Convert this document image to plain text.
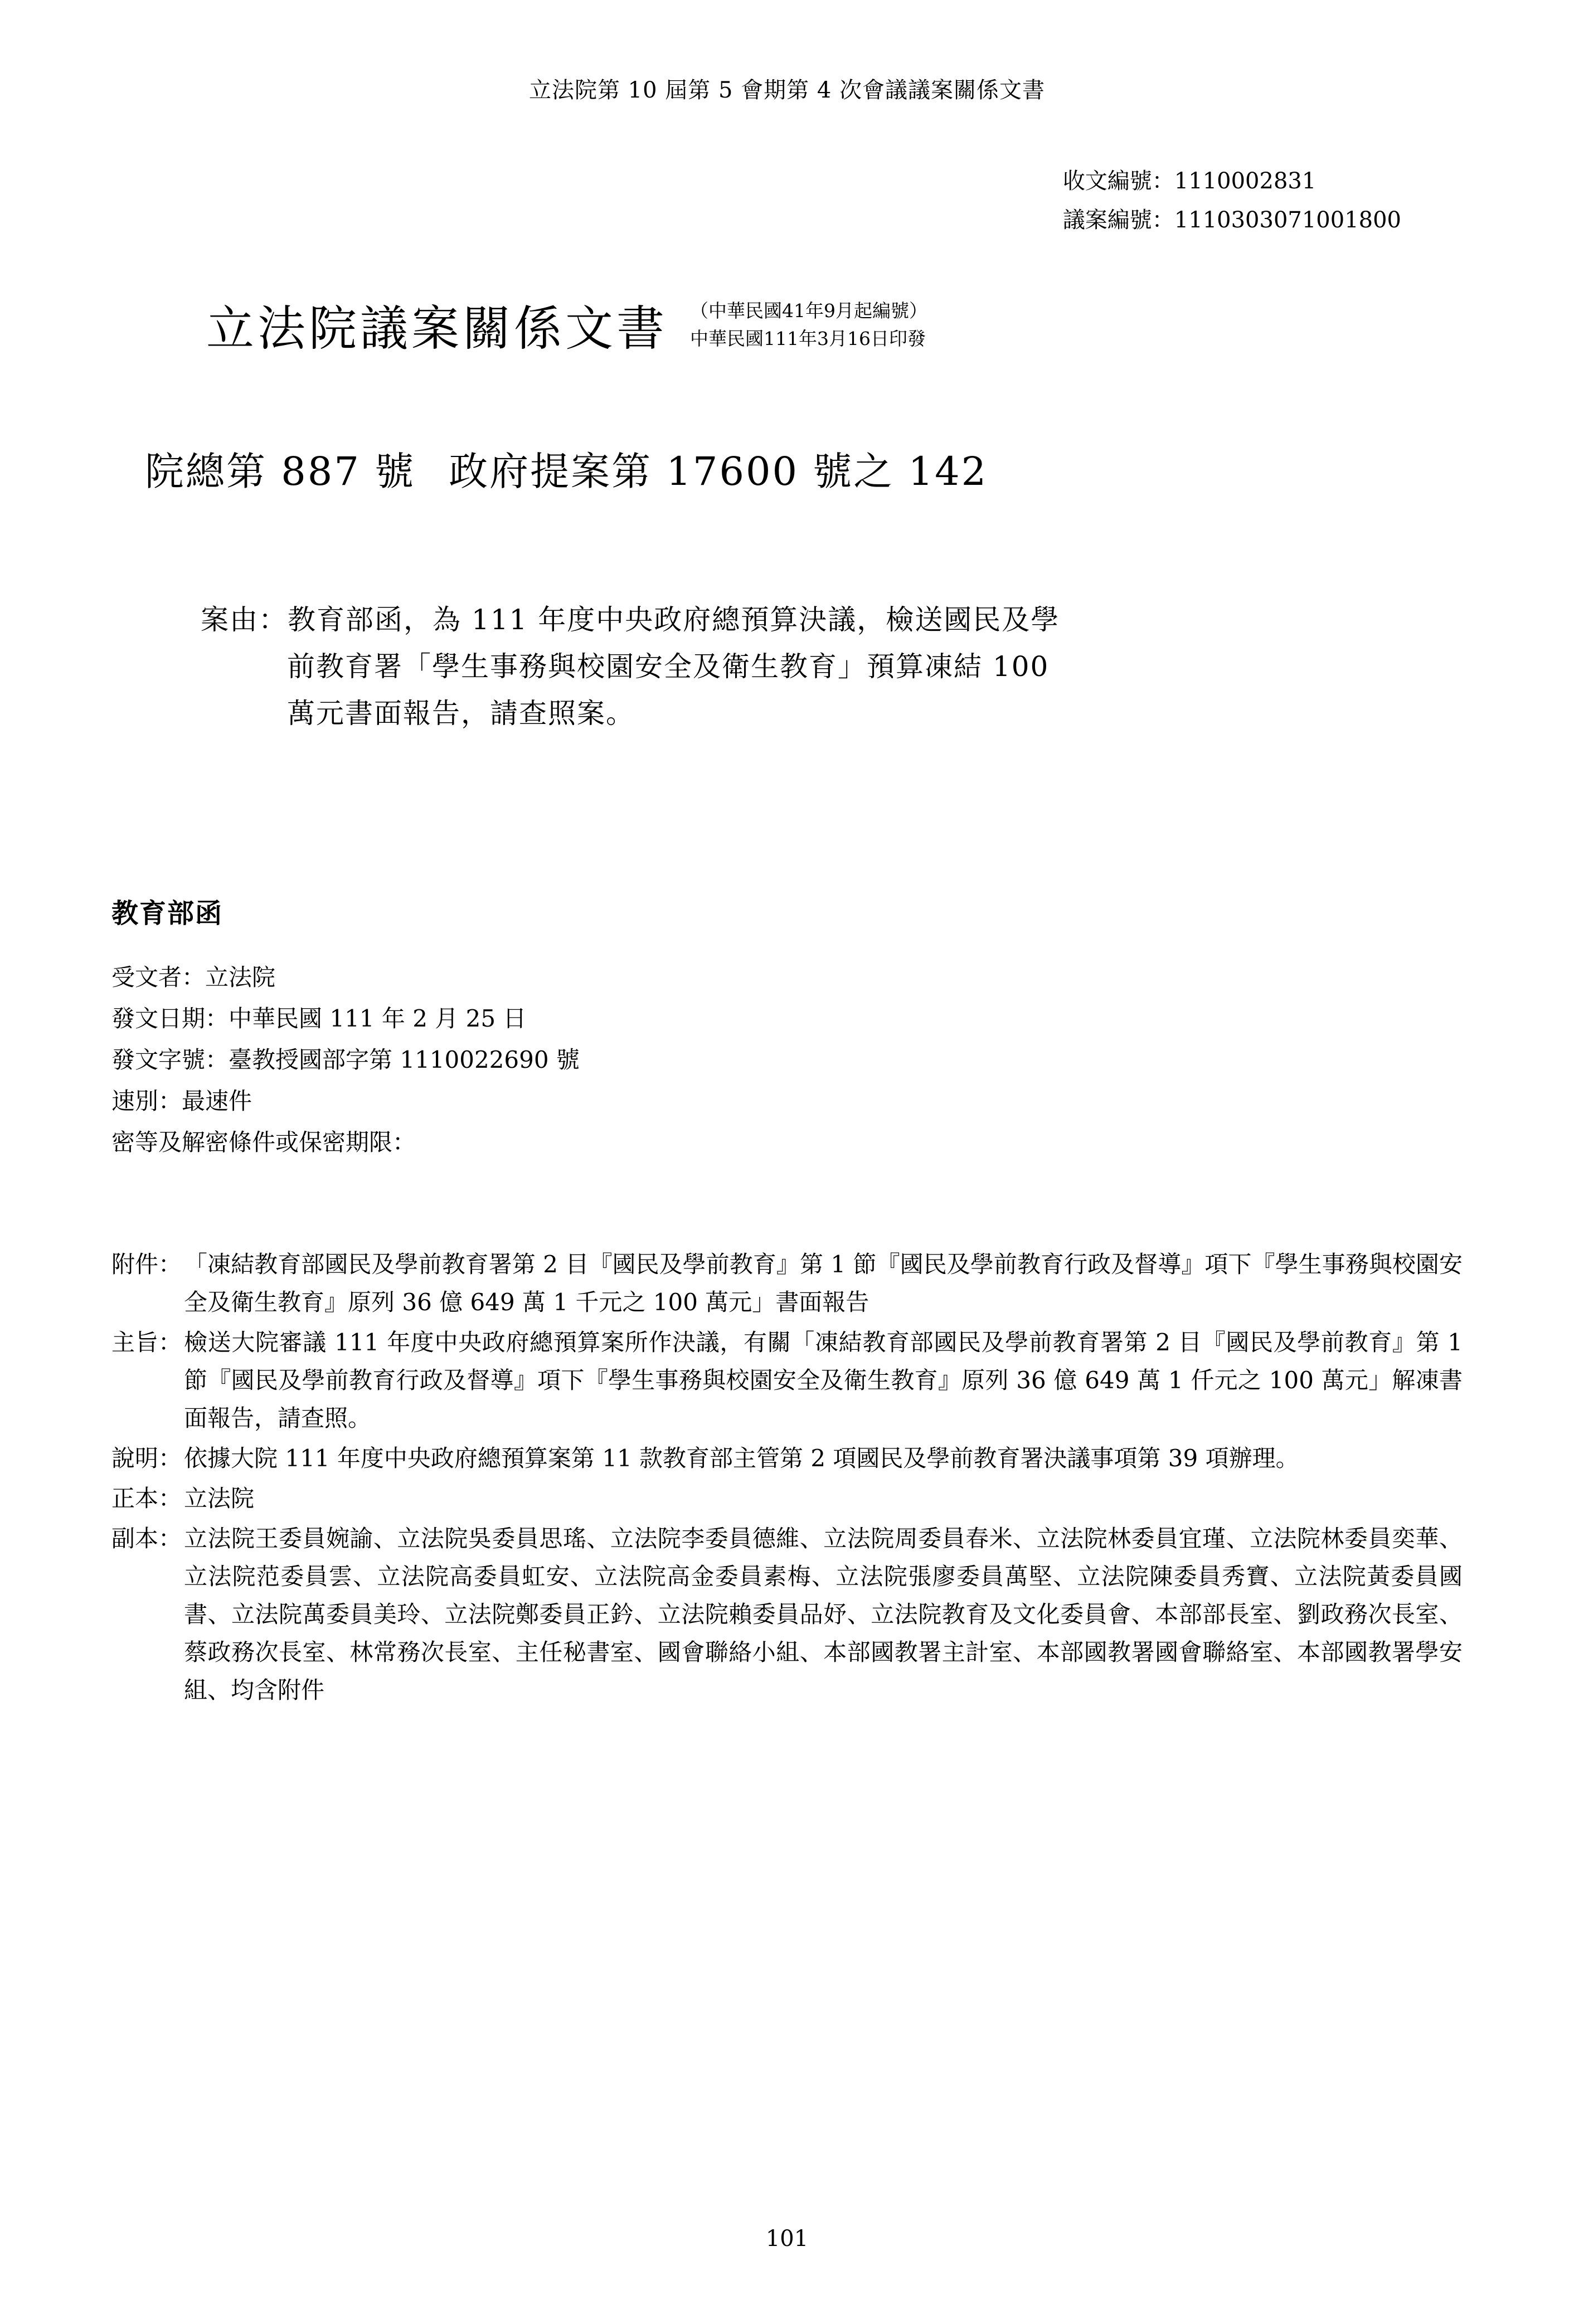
立法院第 10 屆第 5 會期第 4 次會議議案關係文書
收文編號：1110002831
議案編號：1110303071001800
立法院議案關係文書 （中華民國41年9月起編號）
中華民國111年3月16日印發
院總第 887 號 政府提案第 17600 號之 142
案由：教育部函，為 111 年度中央政府總預算決議，檢送國民及學
前教育署「學生事務與校園安全及衛生教育」預算凍結 100
萬元書面報告，請查照案。
教育部函
受文者：立法院
發文日期：中華民國 111 年 2 月 25 日
發文字號：臺教授國部字第 1110022690 號
速別：最速件
密等及解密條件或保密期限：
附件： 「凍結教育部國民及學前教育署第 2 目『國民及學前教育』第 1 節『國民及學前教育行政及督導』項下『學生事務與校園安全及衛生教育』原列 36 億 649 萬 1 千元之 100 萬元」書面報告
主旨： 檢送大院審議 111 年度中央政府總預算案所作決議，有關「凍結教育部國民及學前教育署第 2 目『國民及學前教育』第 1 節『國民及學前教育行政及督導』項下『學生事務與校園安全及衛生教育』原列 36 億 649 萬 1 仟元之 100 萬元」解凍書面報告，請查照。
說明： 依據大院 111 年度中央政府總預算案第 11 款教育部主管第 2 項國民及學前教育署決議事項第 39 項辦理。
正本： 立法院
副本： 立法院王委員婉諭、立法院吳委員思瑤、立法院李委員德維、立法院周委員春米、立法院林委員宜瑾、立法院林委員奕華、立法院范委員雲、立法院高委員虹安、立法院高金委員素梅、立法院張廖委員萬堅、立法院陳委員秀寶、立法院黃委員國書、立法院萬委員美玲、立法院鄭委員正鈐、立法院賴委員品妤、立法院教育及文化委員會、本部部長室、劉政務次長室、蔡政務次長室、林常務次長室、主任秘書室、國會聯絡小組、本部國教署主計室、本部國教署國會聯絡室、本部國教署學安組、均含附件
101
